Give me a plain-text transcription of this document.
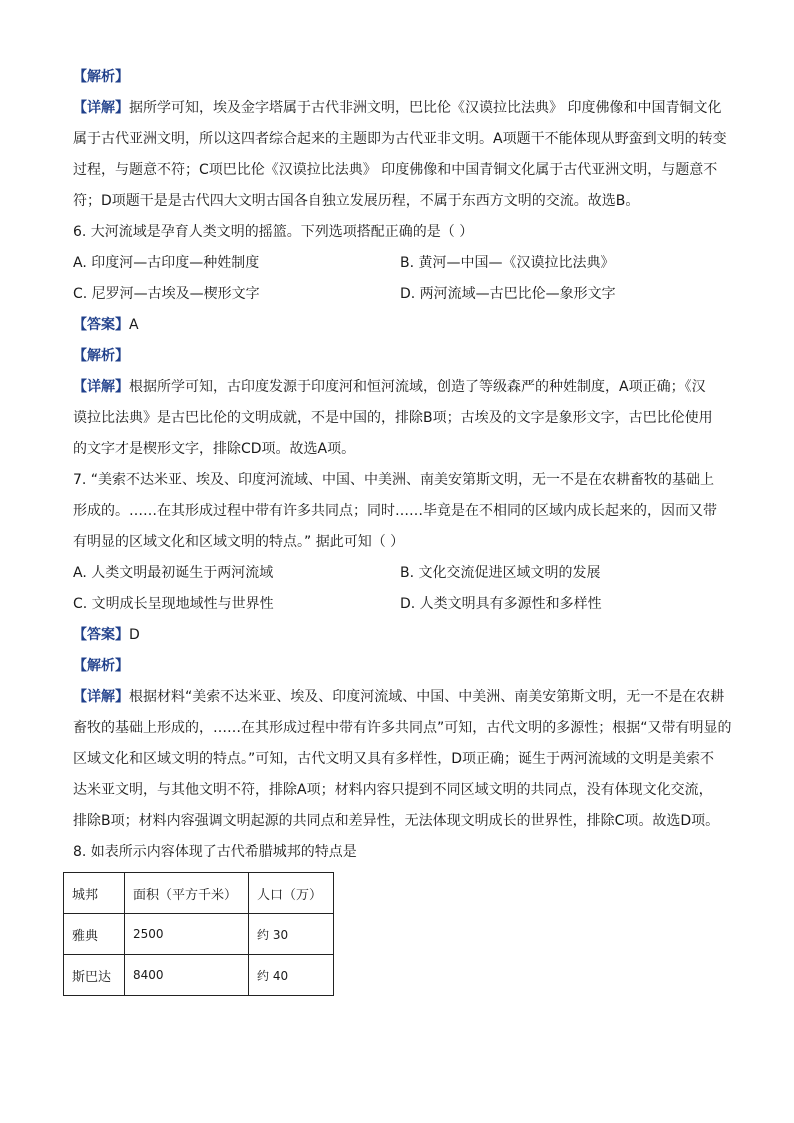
【解析】
【详解】据所学可知，埃及金字塔属于古代非洲文明，巴比伦《汉谟拉比法典》 印度佛像和中国青铜文化
属于古代亚洲文明，所以这四者综合起来的主题即为古代亚非文明。A项题干不能体现从野蛮到文明的转变
过程，与题意不符；C项巴比伦《汉谟拉比法典》 印度佛像和中国青铜文化属于古代亚洲文明，与题意不
符；D项题干是是古代四大文明古国各自独立发展历程，不属于东西方文明的交流。故选B。
6. 大河流域是孕育人类文明的摇篮。下列选项搭配正确的是（ ）
A. 印度河—古印度—种姓制度	B. 黄河—中国—《汉谟拉比法典》
C. 尼罗河—古埃及—楔形文字	D. 两河流域—古巴比伦—象形文字
【答案】A
【解析】
【详解】根据所学可知，古印度发源于印度河和恒河流域，创造了等级森严的种姓制度，A项正确；《汉
谟拉比法典》是古巴比伦的文明成就，不是中国的，排除B项；古埃及的文字是象形文字，古巴比伦使用
的文字才是楔形文字，排除CD项。故选A项。
7. “美索不达米亚、埃及、印度河流域、中国、中美洲、南美安第斯文明，无一不是在农耕畜牧的基础上
形成的。……在其形成过程中带有许多共同点；同时……毕竟是在不相同的区域内成长起来的，因而又带
有明显的区域文化和区域文明的特点。” 据此可知（ ）
A. 人类文明最初诞生于两河流域	B. 文化交流促进区域文明的发展
C. 文明成长呈现地域性与世界性	D. 人类文明具有多源性和多样性
【答案】D
【解析】
【详解】根据材料“美索不达米亚、埃及、印度河流域、中国、中美洲、南美安第斯文明，无一不是在农耕
畜牧的基础上形成的，……在其形成过程中带有许多共同点”可知，古代文明的多源性；根据“又带有明显的
区域文化和区域文明的特点。”可知，古代文明又具有多样性，D项正确；诞生于两河流域的文明是美索不
达米亚文明，与其他文明不符，排除A项；材料内容只提到不同区域文明的共同点，没有体现文化交流，
排除B项；材料内容强调文明起源的共同点和差异性，无法体现文明成长的世界性，排除C项。故选D项。
8. 如表所示内容体现了古代希腊城邦的特点是
城邦	面积（平方千米）	人口（万）
雅典	2500	约 30
斯巴达	8400	约 40
